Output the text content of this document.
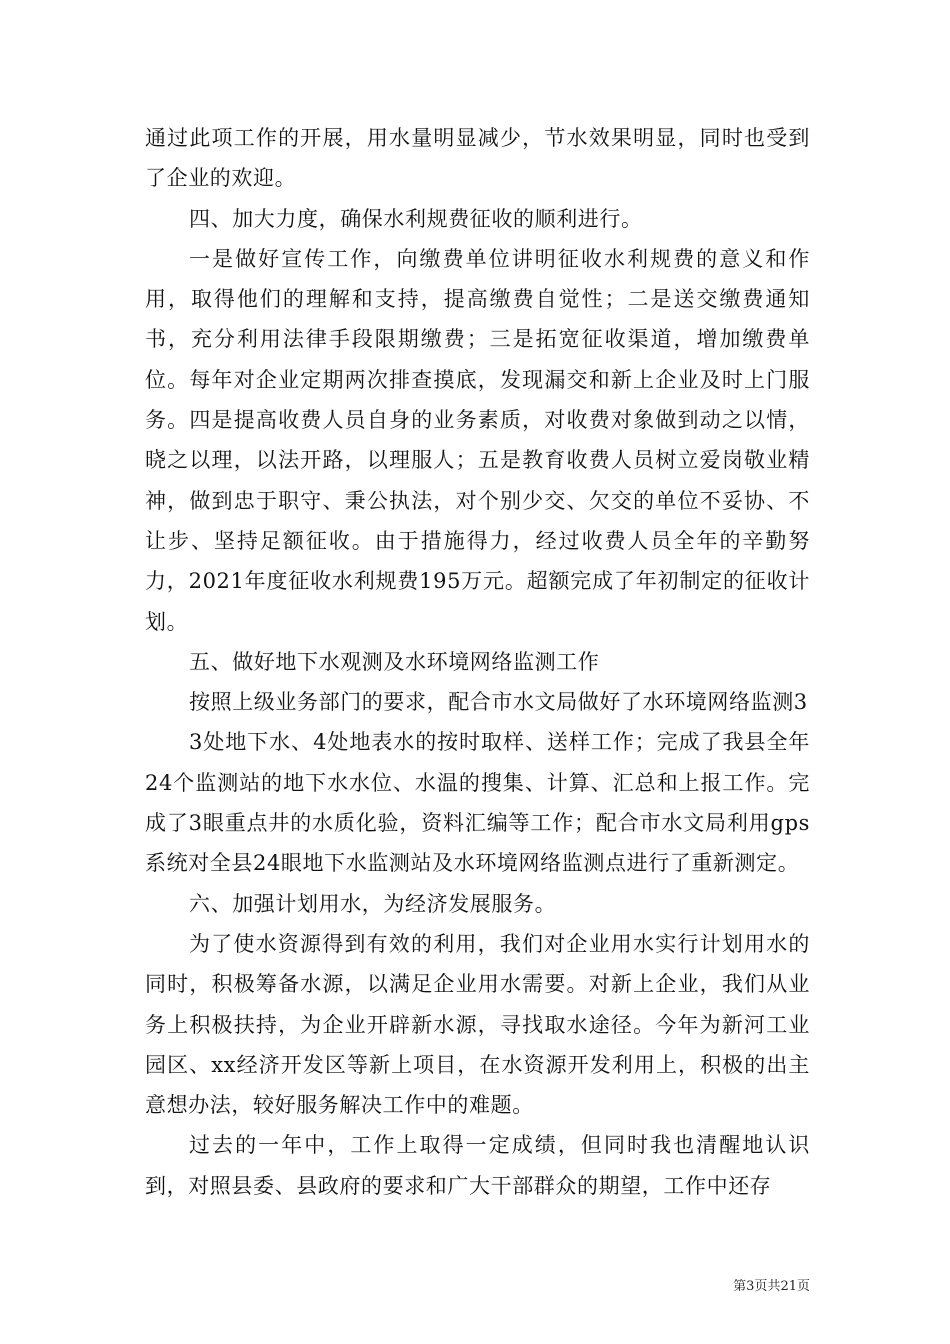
通过此项工作的开展，用水量明显减少，节水效果明显，同时也受到了企业的欢迎。

四、加大力度，确保水利规费征收的顺利进行。

一是做好宣传工作，向缴费单位讲明征收水利规费的意义和作用，取得他们的理解和支持，提高缴费自觉性；二是送交缴费通知书，充分利用法律手段限期缴费；三是拓宽征收渠道，增加缴费单位。每年对企业定期两次排查摸底，发现漏交和新上企业及时上门服务。四是提高收费人员自身的业务素质，对收费对象做到动之以情，晓之以理，以法开路，以理服人；五是教育收费人员树立爱岗敬业精神，做到忠于职守、秉公执法，对个别少交、欠交的单位不妥协、不让步、坚持足额征收。由于措施得力，经过收费人员全年的辛勤努力，2021年度征收水利规费195万元。超额完成了年初制定的征收计划。

五、做好地下水观测及水环境网络监测工作

按照上级业务部门的要求，配合市水文局做好了水环境网络监测3

3处地下水、4处地表水的按时取样、送样工作；完成了我县全年24个监测站的地下水水位、水温的搜集、计算、汇总和上报工作。完成了3眼重点井的水质化验，资料汇编等工作；配合市水文局利用gps系统对全县24眼地下水监测站及水环境网络监测点进行了重新测定。

六、加强计划用水，为经济发展服务。

为了使水资源得到有效的利用，我们对企业用水实行计划用水的同时，积极筹备水源，以满足企业用水需要。对新上企业，我们从业务上积极扶持，为企业开辟新水源，寻找取水途径。今年为新河工业园区、xx经济开发区等新上项目，在水资源开发利用上，积极的出主意想办法，较好服务解决工作中的难题。

过去的一年中，工作上取得一定成绩，但同时我也清醒地认识到，对照县委、县政府的要求和广大干部群众的期望，工作中还存

第3页共21页
